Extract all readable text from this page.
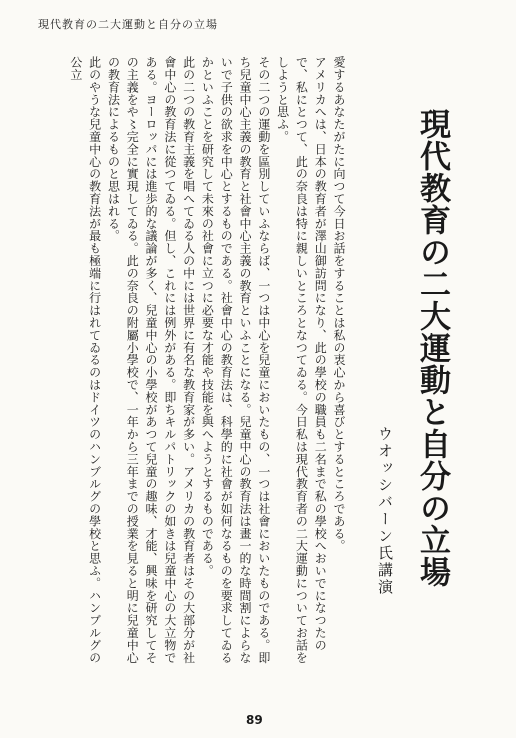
現代教育の二大運動と自分の立場
現代教育の二大運動と自分の立場
ウオッシバーン氏講演

愛するあなたがたに向つて今日お話をすることは私の衷心から喜びとするところである。
アメリカへは、日本の教育者が澤山御訪問になり、此の學校の職員も二名まで私の學校へおいでになつたので、私にとつて、此の奈良は特に親しいところとなつてゐる。今日私は現代教育者の二大運動についてお話をしようと思ふ。
その二つの運動を區別していふならば、一つは中心を兒童においたもの、一つは社會においたものである。即ち兒童中心主義の教育と社會中心主義の教育といふことになる。兒童中心の教育法は畫一的な時間割によらないで子供の欲求を中心とするものである。社會中心の教育法は、科學的に社會が如何なるものを要求してゐるかといふことを研究して未來の社會に立つに必要な才能や技能を與へようとするものである。
此の二つの教育主義を唱へてゐる人の中には世界に有名な教育家が多い。アメリカの教育者はその大部分が社會中心の教育法に從つてゐる。但し、これには例外がある。即ちキルパトリックの如きは兒童中心の大立物である。ヨーロッパには進歩的な議論が多く、兒童中心の小學校があつて兒童の趣味、才能、興味を研究してその主義をや〻完全に實現してゐる。此の奈良の附屬小學校で、一年から三年までの授業を見ると明に兒童中心の教育法によるものと思はれる。
此のやうな兒童中心の教育法が最も極端に行はれてゐるのはドイツのハンブルグの學校と思ふ。ハンブルグの公立

89
